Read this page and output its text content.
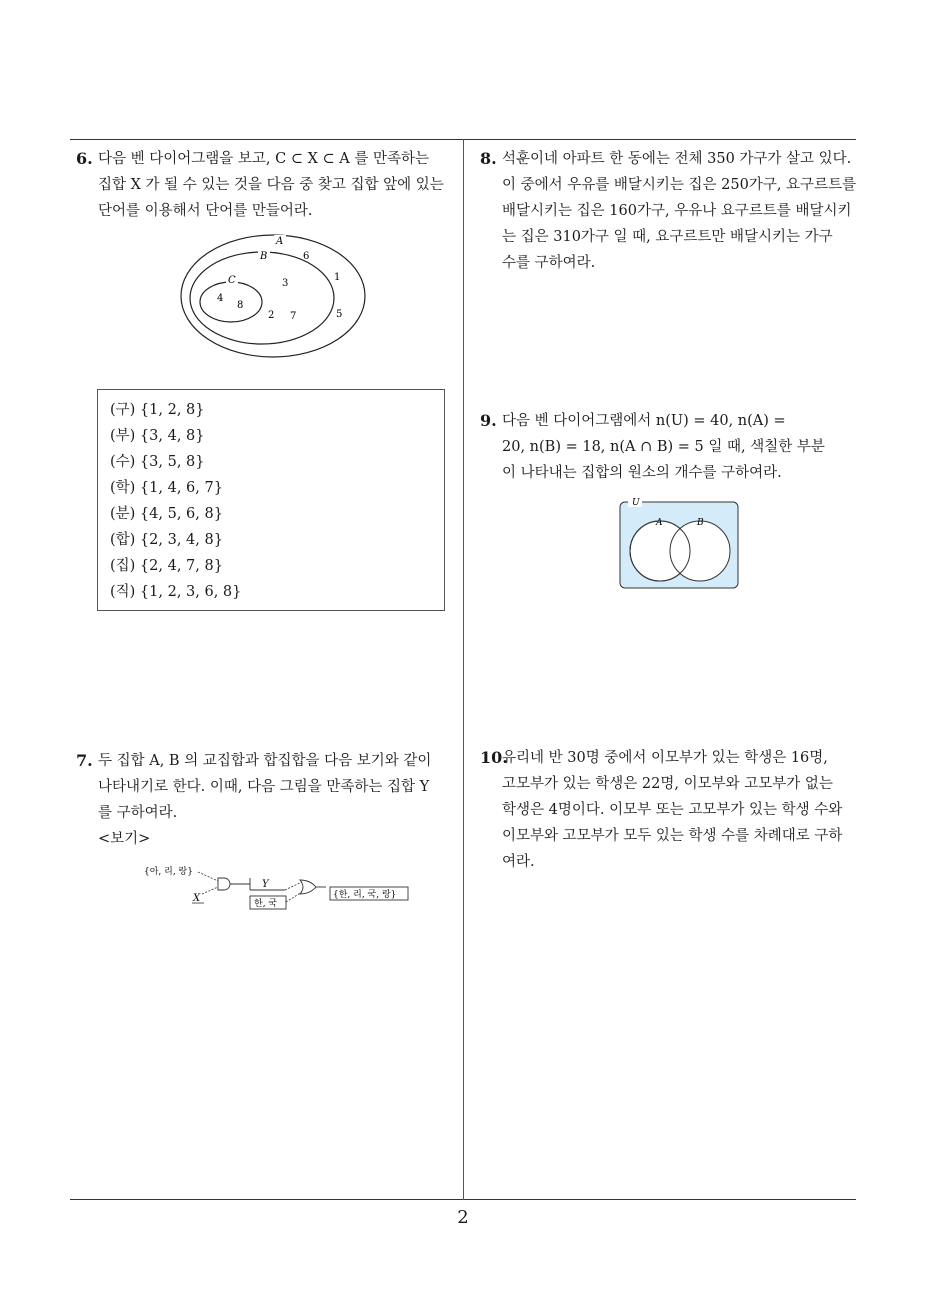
6. 다음 벤 다이어그램을 보고, C ⊂ X ⊂ A 를 만족하는
집합 X 가 될 수 있는 것을 다음 중 찾고 집합 앞에 있는
단어를 이용해서 단어를 만들어라.
A
B
C
6
3
1
4
8
2 7	5
(구) {1, 2, 8}
(부) {3, 4, 8}
(수) {3, 5, 8}
(학) {1, 4, 6, 7}
(분) {4, 5, 6, 8}
(합) {2, 3, 4, 8}
(집) {2, 4, 7, 8}
(직) {1, 2, 3, 6, 8}
7. 두 집합 A, B 의 교집합과 합집합을 다음 보기와 같이
나타내기로 한다. 이때, 다음 그림을 만족하는 집합 Y
를 구하여라.
<보기>
{아, 리, 랑}
X
Y
한, 국
{한, 리, 국, 랑}
8. 석훈이네 아파트 한 동에는 전체 350 가구가 살고 있다.
이 중에서 우유를 배달시키는 집은 250가구, 요구르트를
배달시키는 집은 160가구, 우유나 요구르트를 배달시키
는 집은 310가구 일 때, 요구르트만 배달시키는 가구
수를 구하여라.
9. 다음 벤 다이어그램에서 n(U) = 40, n(A) =
20, n(B) = 18, n(A ∩ B) = 5 일 때, 색칠한 부분
이 나타내는 집합의 원소의 개수를 구하여라.
U
A	B
10.
유리네 반 30명 중에서 이모부가 있는 학생은 16명,
고모부가 있는 학생은 22명, 이모부와 고모부가 없는
학생은 4명이다. 이모부 또는 고모부가 있는 학생 수와
이모부와 고모부가 모두 있는 학생 수를 차례대로 구하
여라.
2
